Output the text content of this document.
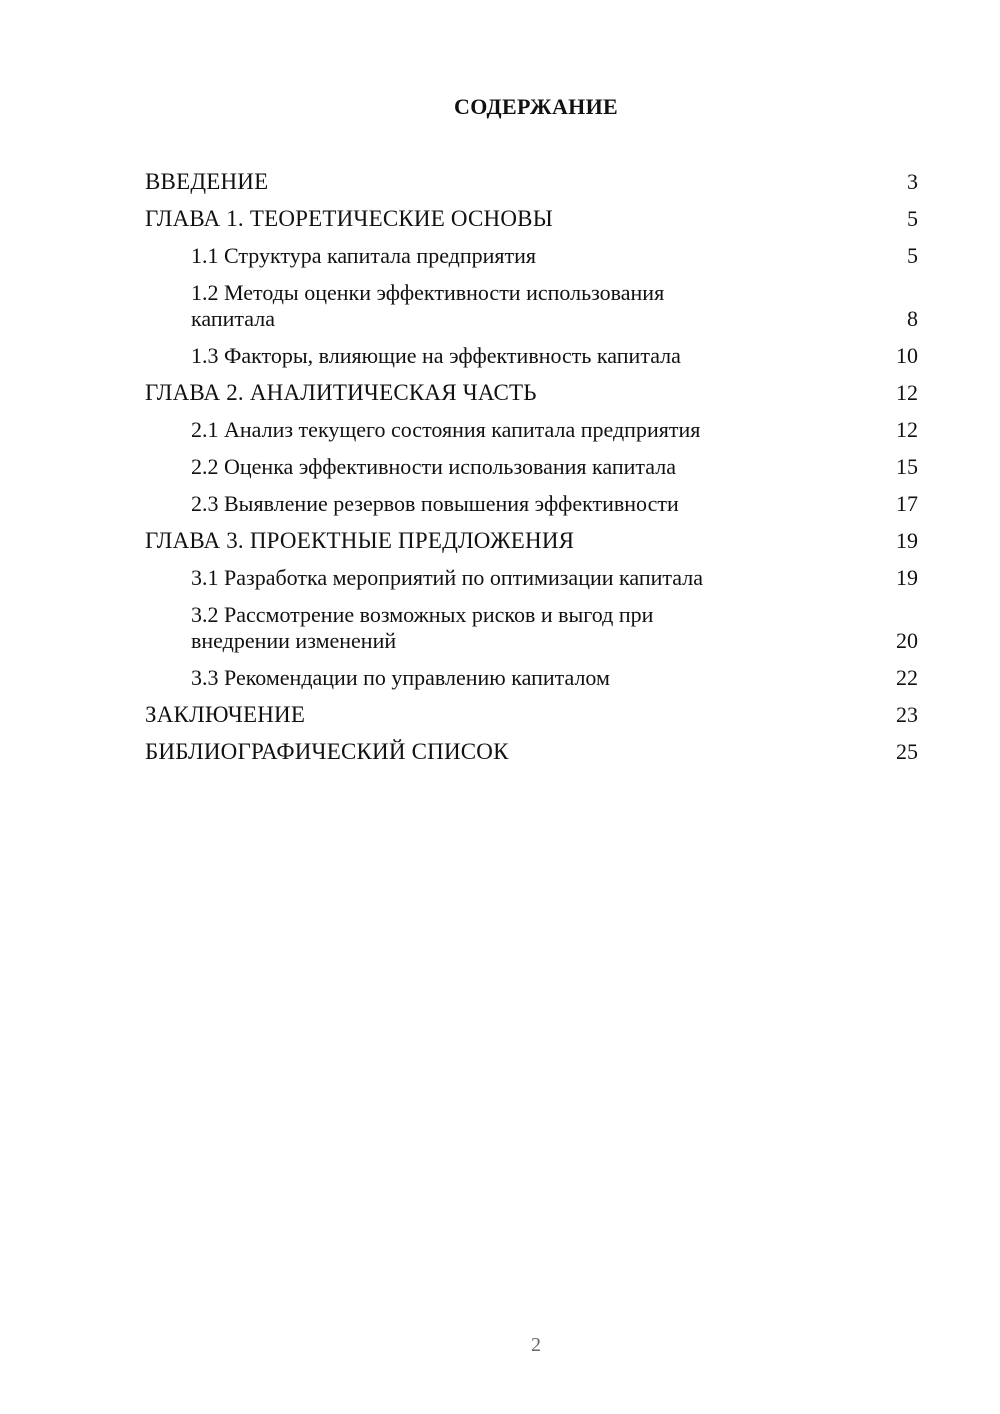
СОДЕРЖАНИЕ
ВВЕДЕНИЕ	3
ГЛАВА 1. ТЕОРЕТИЧЕСКИЕ ОСНОВЫ	5
1.1 Структура капитала предприятия	5
1.2 Методы оценки эффективности использования капитала	8
1.3 Факторы, влияющие на эффективность капитала	10
ГЛАВА 2. АНАЛИТИЧЕСКАЯ ЧАСТЬ	12
2.1 Анализ текущего состояния капитала предприятия	12
2.2 Оценка эффективности использования капитала	15
2.3 Выявление резервов повышения эффективности	17
ГЛАВА 3. ПРОЕКТНЫЕ ПРЕДЛОЖЕНИЯ	19
3.1 Разработка мероприятий по оптимизации капитала	19
3.2 Рассмотрение возможных рисков и выгод при внедрении изменений	20
3.3 Рекомендации по управлению капиталом	22
ЗАКЛЮЧЕНИЕ	23
БИБЛИОГРАФИЧЕСКИЙ СПИСОК	25
2
